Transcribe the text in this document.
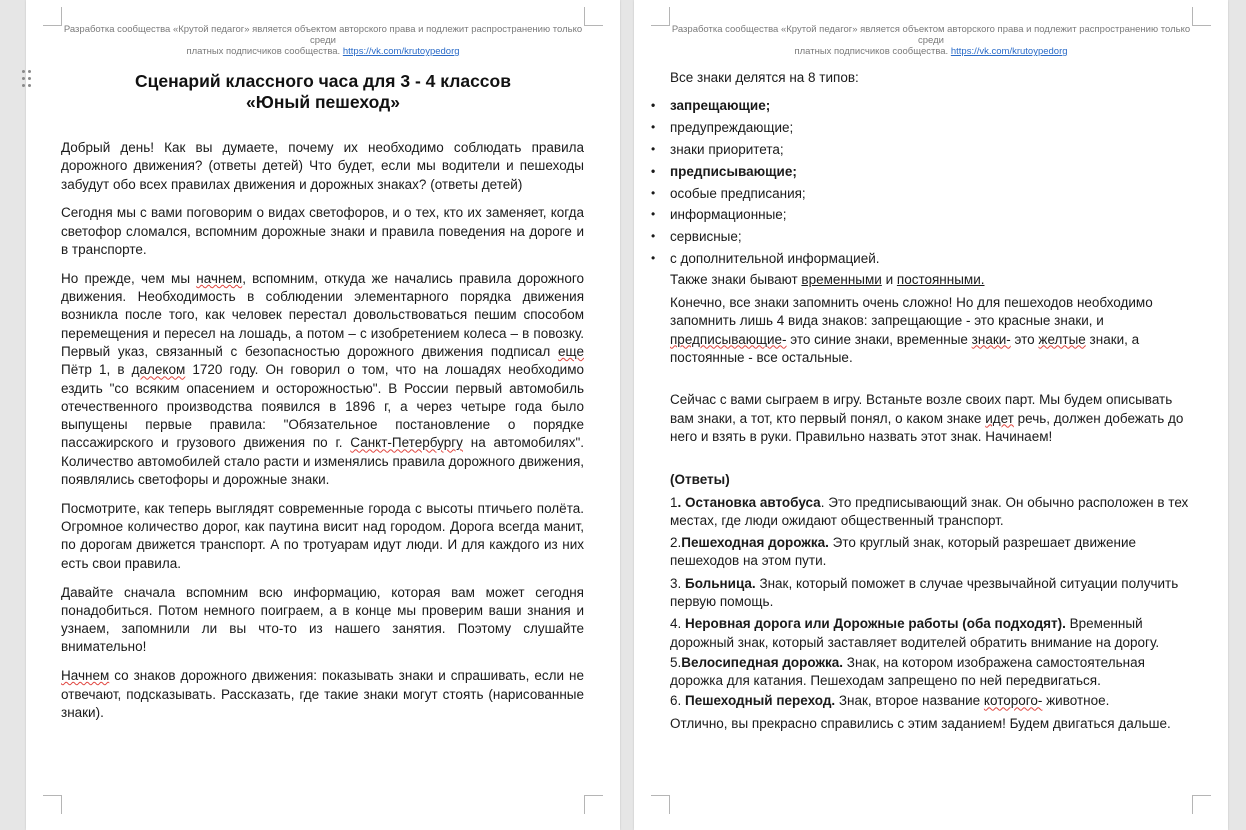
Разработка сообщества «Крутой педагог» является объектом авторского права и подлежит распространению только среди
платных подписчиков сообщества. https://vk.com/krutoypedorg
Сценарий классного часа для 3 - 4 классов
«Юный пешеход»

Добрый день! Как вы думаете, почему их необходимо соблюдать правила дорожного движения? (ответы детей) Что будет, если мы водители и пешеходы забудут обо всех правилах движения и дорожных знаках? (ответы детей)

Сегодня мы с вами поговорим о видах светофоров, и о тех, кто их заменяет, когда светофор сломался, вспомним дорожные знаки и правила поведения на дороге и в транспорте.

Но прежде, чем мы начнем, вспомним, откуда же начались правила дорожного движения. Необходимость в соблюдении элементарного порядка движения возникла после того, как человек перестал довольствоваться пешим способом перемещения и пересел на лошадь, а потом – с изобретением колеса – в повозку. Первый указ, связанный с безопасностью дорожного движения подписал еще Пётр 1, в далеком 1720 году. Он говорил о том, что на лошадях необходимо ездить "со всяким опасением и осторожностью". В России первый автомобиль отечественного производства появился в 1896 г, а через четыре года было выпущены первые правила: "Обязательное постановление о порядке пассажирского и грузового движения по г. Санкт-Петербургу на автомобилях". Количество автомобилей стало расти и изменялись правила дорожного движения, появлялись светофоры и дорожные знаки.

Посмотрите, как теперь выглядят современные города с высоты птичьего полёта. Огромное количество дорог, как паутина висит над городом. Дорога всегда манит, по дорогам движется транспорт. А по тротуарам идут люди. И для каждого из них есть свои правила.

Давайте сначала вспомним всю информацию, которая вам может сегодня понадобиться. Потом немного поиграем, а в конце мы проверим ваши знания и узнаем, запомнили ли вы что-то из нашего занятия. Поэтому слушайте внимательно!

Начнем со знаков дорожного движения: показывать знаки и спрашивать, если не отвечают, подсказывать. Рассказать, где такие знаки могут стоять (нарисованные знаки).

Разработка сообщества «Крутой педагог» является объектом авторского права и подлежит распространению только среди
платных подписчиков сообщества. https://vk.com/krutoypedorg
Все знаки делятся на 8 типов:
• запрещающие;
• предупреждающие;
• знаки приоритета;
• предписывающие;
• особые предписания;
• информационные;
• сервисные;
• с дополнительной информацией.
Также знаки бывают временными и постоянными.

Конечно, все знаки запомнить очень сложно! Но для пешеходов необходимо запомнить лишь 4 вида знаков: запрещающие - это красные знаки, и предписывающие- это синие знаки, временные знаки- это желтые знаки, а постоянные - все остальные.

Сейчас с вами сыграем в игру. Встаньте возле своих парт. Мы будем описывать вам знаки, а тот, кто первый понял, о каком знаке идет речь, должен добежать до него и взять в руки. Правильно назвать этот знак. Начинаем!

(Ответы)

1. Остановка автобуса. Это предписывающий знак. Он обычно расположен в тех местах, где люди ожидают общественный транспорт.

2.Пешеходная дорожка. Это круглый знак, который разрешает движение пешеходов на этом пути.

3. Больница. Знак, который поможет в случае чрезвычайной ситуации получить первую помощь.

4. Неровная дорога или Дорожные работы (оба подходят). Временный дорожный знак, который заставляет водителей обратить внимание на дорогу.

5.Велосипедная дорожка. Знак, на котором изображена самостоятельная дорожка для катания. Пешеходам запрещено по ней передвигаться.

6. Пешеходный переход. Знак, второе название которого- животное.

Отлично, вы прекрасно справились с этим заданием! Будем двигаться дальше.
